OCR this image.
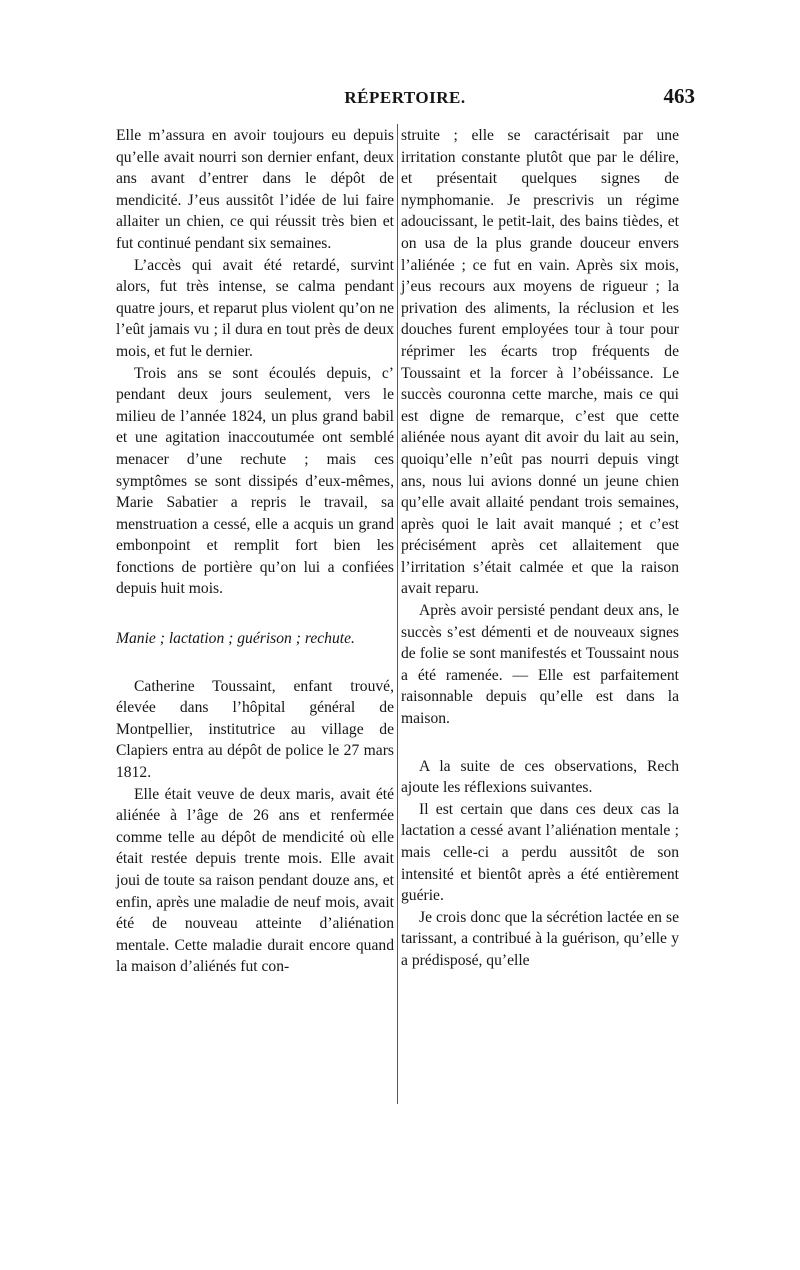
RÉPERTOIRE.	463

Elle m’assura en avoir toujours eu depuis qu’elle avait nourri son dernier enfant, deux ans avant d’entrer dans le dépôt de mendicité. J’eus aussitôt l’idée de lui faire allaiter un chien, ce qui réussit très bien et fut continué pendant six semaines.

L’accès qui avait été retardé, survint alors, fut très intense, se calma pendant quatre jours, et reparut plus violent qu’on ne l’eût jamais vu ; il dura en tout près de deux mois, et fut le dernier.

Trois ans se sont écoulés depuis, c’ pendant deux jours seulement, vers le milieu de l’année 1824, un plus grand babil et une agitation inaccoutumée ont semblé menacer d’une rechute ; mais ces symptômes se sont dissipés d’eux-mêmes, Marie Sabatier a repris le travail, sa menstruation a cessé, elle a acquis un grand embonpoint et remplit fort bien les fonctions de portière qu’on lui a confiées depuis huit mois.

Manie ; lactation ; guérison ; rechute.

Catherine Toussaint, enfant trouvé, élevée dans l’hôpital général de Montpellier, institutrice au village de Clapiers entra au dépôt de police le 27 mars 1812.

Elle était veuve de deux maris, avait été aliénée à l’âge de 26 ans et renfermée comme telle au dépôt de mendicité où elle était restée depuis trente mois. Elle avait joui de toute sa raison pendant douze ans, et enfin, après une maladie de neuf mois, avait été de nouveau atteinte d’aliénation mentale. Cette maladie durait encore quand la maison d’aliénés fut con-

struite ; elle se caractérisait par une irritation constante plutôt que par le délire, et présentait quelques signes de nymphomanie. Je prescrivis un régime adoucissant, le petit-lait, des bains tièdes, et on usa de la plus grande douceur envers l’aliénée ; ce fut en vain. Après six mois, j’eus recours aux moyens de rigueur ; la privation des aliments, la réclusion et les douches furent employées tour à tour pour réprimer les écarts trop fréquents de Toussaint et la forcer à l’obéissance. Le succès couronna cette marche, mais ce qui est digne de remarque, c’est que cette aliénée nous ayant dit avoir du lait au sein, quoiqu’elle n’eût pas nourri depuis vingt ans, nous lui avions donné un jeune chien qu’elle avait allaité pendant trois semaines, après quoi le lait avait manqué ; et c’est précisément après cet allaitement que l’irritation s’était calmée et que la raison avait reparu.

Après avoir persisté pendant deux ans, le succès s’est démenti et de nouveaux signes de folie se sont manifestés et Toussaint nous a été ramenée. — Elle est parfaitement raisonnable depuis qu’elle est dans la maison.

A la suite de ces observations, Rech ajoute les réflexions suivantes.

Il est certain que dans ces deux cas la lactation a cessé avant l’aliénation mentale ; mais celle-ci a perdu aussitôt de son intensité et bientôt après a été entièrement guérie.

Je crois donc que la sécrétion lactée en se tarissant, a contribué à la guérison, qu’elle y a prédisposé, qu’elle
